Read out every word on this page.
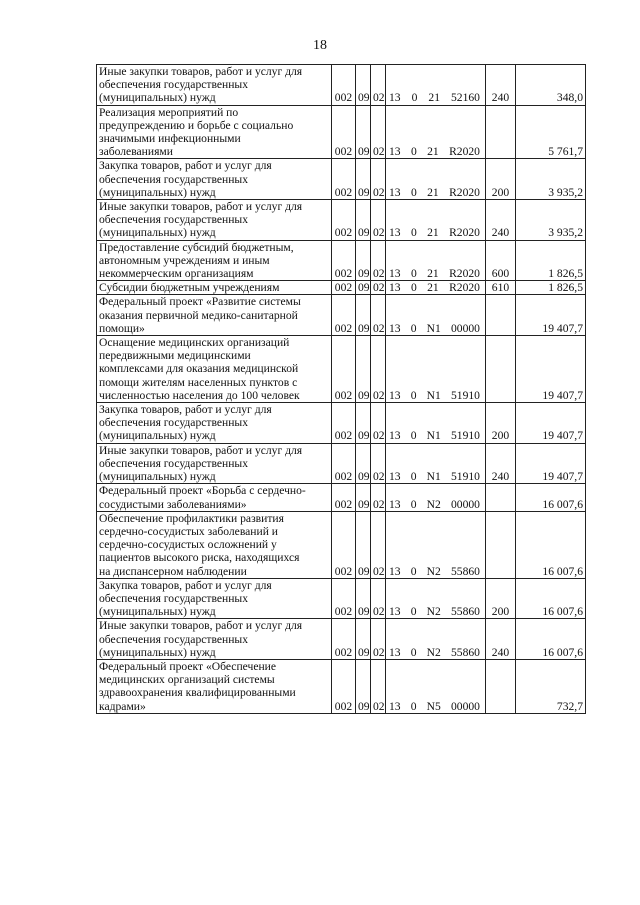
18
Иные закупки товаров, работ и услуг для
обеспечения государственных
(муниципальных) нужд	002	09	02	13 0 21 52160	240	348,0
Реализация мероприятий по
предупреждению и борьбе с социально
значимыми инфекционными
заболеваниями	002	09	02	13 0 21 R2020		5 761,7
Закупка товаров, работ и услуг для
обеспечения государственных
(муниципальных) нужд	002	09	02	13 0 21 R2020	200	3 935,2
Иные закупки товаров, работ и услуг для
обеспечения государственных
(муниципальных) нужд	002	09	02	13 0 21 R2020	240	3 935,2
Предоставление субсидий бюджетным,
автономным учреждениям и иным
некоммерческим организациям	002	09	02	13 0 21 R2020	600	1 826,5
Субсидии бюджетным учреждениям	002	09	02	13 0 21 R2020	610	1 826,5
Федеральный проект «Развитие системы
оказания первичной медико-санитарной
помощи»	002	09	02	13 0 N1 00000		19 407,7
Оснащение медицинских организаций
передвижными медицинскими
комплексами для оказания медицинской
помощи жителям населенных пунктов с
численностью населения до 100 человек	002	09	02	13 0 N1 51910		19 407,7
Закупка товаров, работ и услуг для
обеспечения государственных
(муниципальных) нужд	002	09	02	13 0 N1 51910	200	19 407,7
Иные закупки товаров, работ и услуг для
обеспечения государственных
(муниципальных) нужд	002	09	02	13 0 N1 51910	240	19 407,7
Федеральный проект «Борьба с сердечно-
сосудистыми заболеваниями»	002	09	02	13 0 N2 00000		16 007,6
Обеспечение профилактики развития
сердечно-сосудистых заболеваний и
сердечно-сосудистых осложнений у
пациентов высокого риска, находящихся
на диспансерном наблюдении	002	09	02	13 0 N2 55860		16 007,6
Закупка товаров, работ и услуг для
обеспечения государственных
(муниципальных) нужд	002	09	02	13 0 N2 55860	200	16 007,6
Иные закупки товаров, работ и услуг для
обеспечения государственных
(муниципальных) нужд	002	09	02	13 0 N2 55860	240	16 007,6
Федеральный проект «Обеспечение
медицинских организаций системы
здравоохранения квалифицированными
кадрами»	002	09	02	13 0 N5 00000		732,7
